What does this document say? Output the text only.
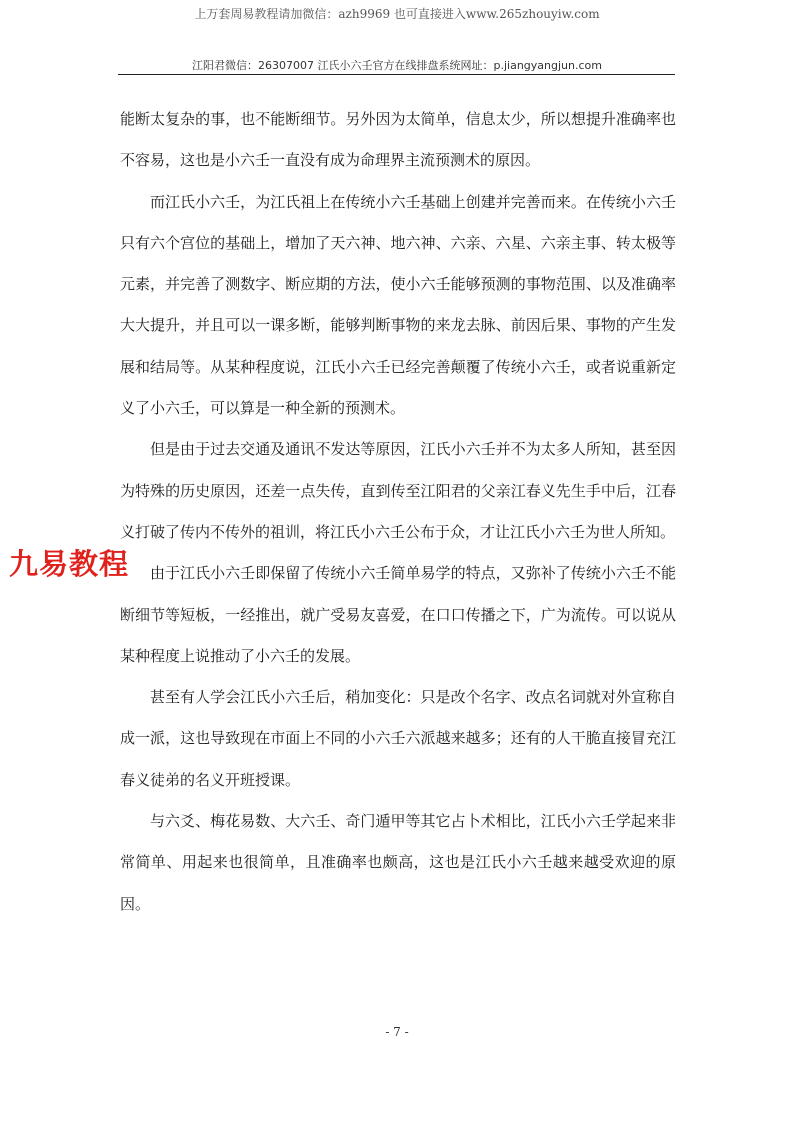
上万套周易教程请加微信：azh9969 也可直接进入www.265zhouyiw.com
江阳君微信：26307007 江氏小六壬官方在线排盘系统网址：p.jiangyangjun.com

能断太复杂的事，也不能断细节。另外因为太简单，信息太少，所以想提升准确率也不容易，这也是小六壬一直没有成为命理界主流预测术的原因。

而江氏小六壬，为江氏祖上在传统小六壬基础上创建并完善而来。在传统小六壬只有六个宫位的基础上，增加了天六神、地六神、六亲、六星、六亲主事、转太极等元素，并完善了测数字、断应期的方法，使小六壬能够预测的事物范围、以及准确率大大提升，并且可以一课多断，能够判断事物的来龙去脉、前因后果、事物的产生发展和结局等。从某种程度说，江氏小六壬已经完善颠覆了传统小六壬，或者说重新定义了小六壬，可以算是一种全新的预测术。

但是由于过去交通及通讯不发达等原因，江氏小六壬并不为太多人所知，甚至因为特殊的历史原因，还差一点失传，直到传至江阳君的父亲江春义先生手中后，江春义打破了传内不传外的祖训，将江氏小六壬公布于众，才让江氏小六壬为世人所知。

由于江氏小六壬即保留了传统小六壬简单易学的特点，又弥补了传统小六壬不能断细节等短板，一经推出，就广受易友喜爱，在口口传播之下，广为流传。可以说从某种程度上说推动了小六壬的发展。

甚至有人学会江氏小六壬后，稍加变化：只是改个名字、改点名词就对外宣称自成一派，这也导致现在市面上不同的小六壬六派越来越多；还有的人干脆直接冒充江春义徒弟的名义开班授课。

与六爻、梅花易数、大六壬、奇门遁甲等其它占卜术相比，江氏小六壬学起来非常简单、用起来也很简单，且准确率也颇高，这也是江氏小六壬越来越受欢迎的原因。

九易教程
- 7 -
